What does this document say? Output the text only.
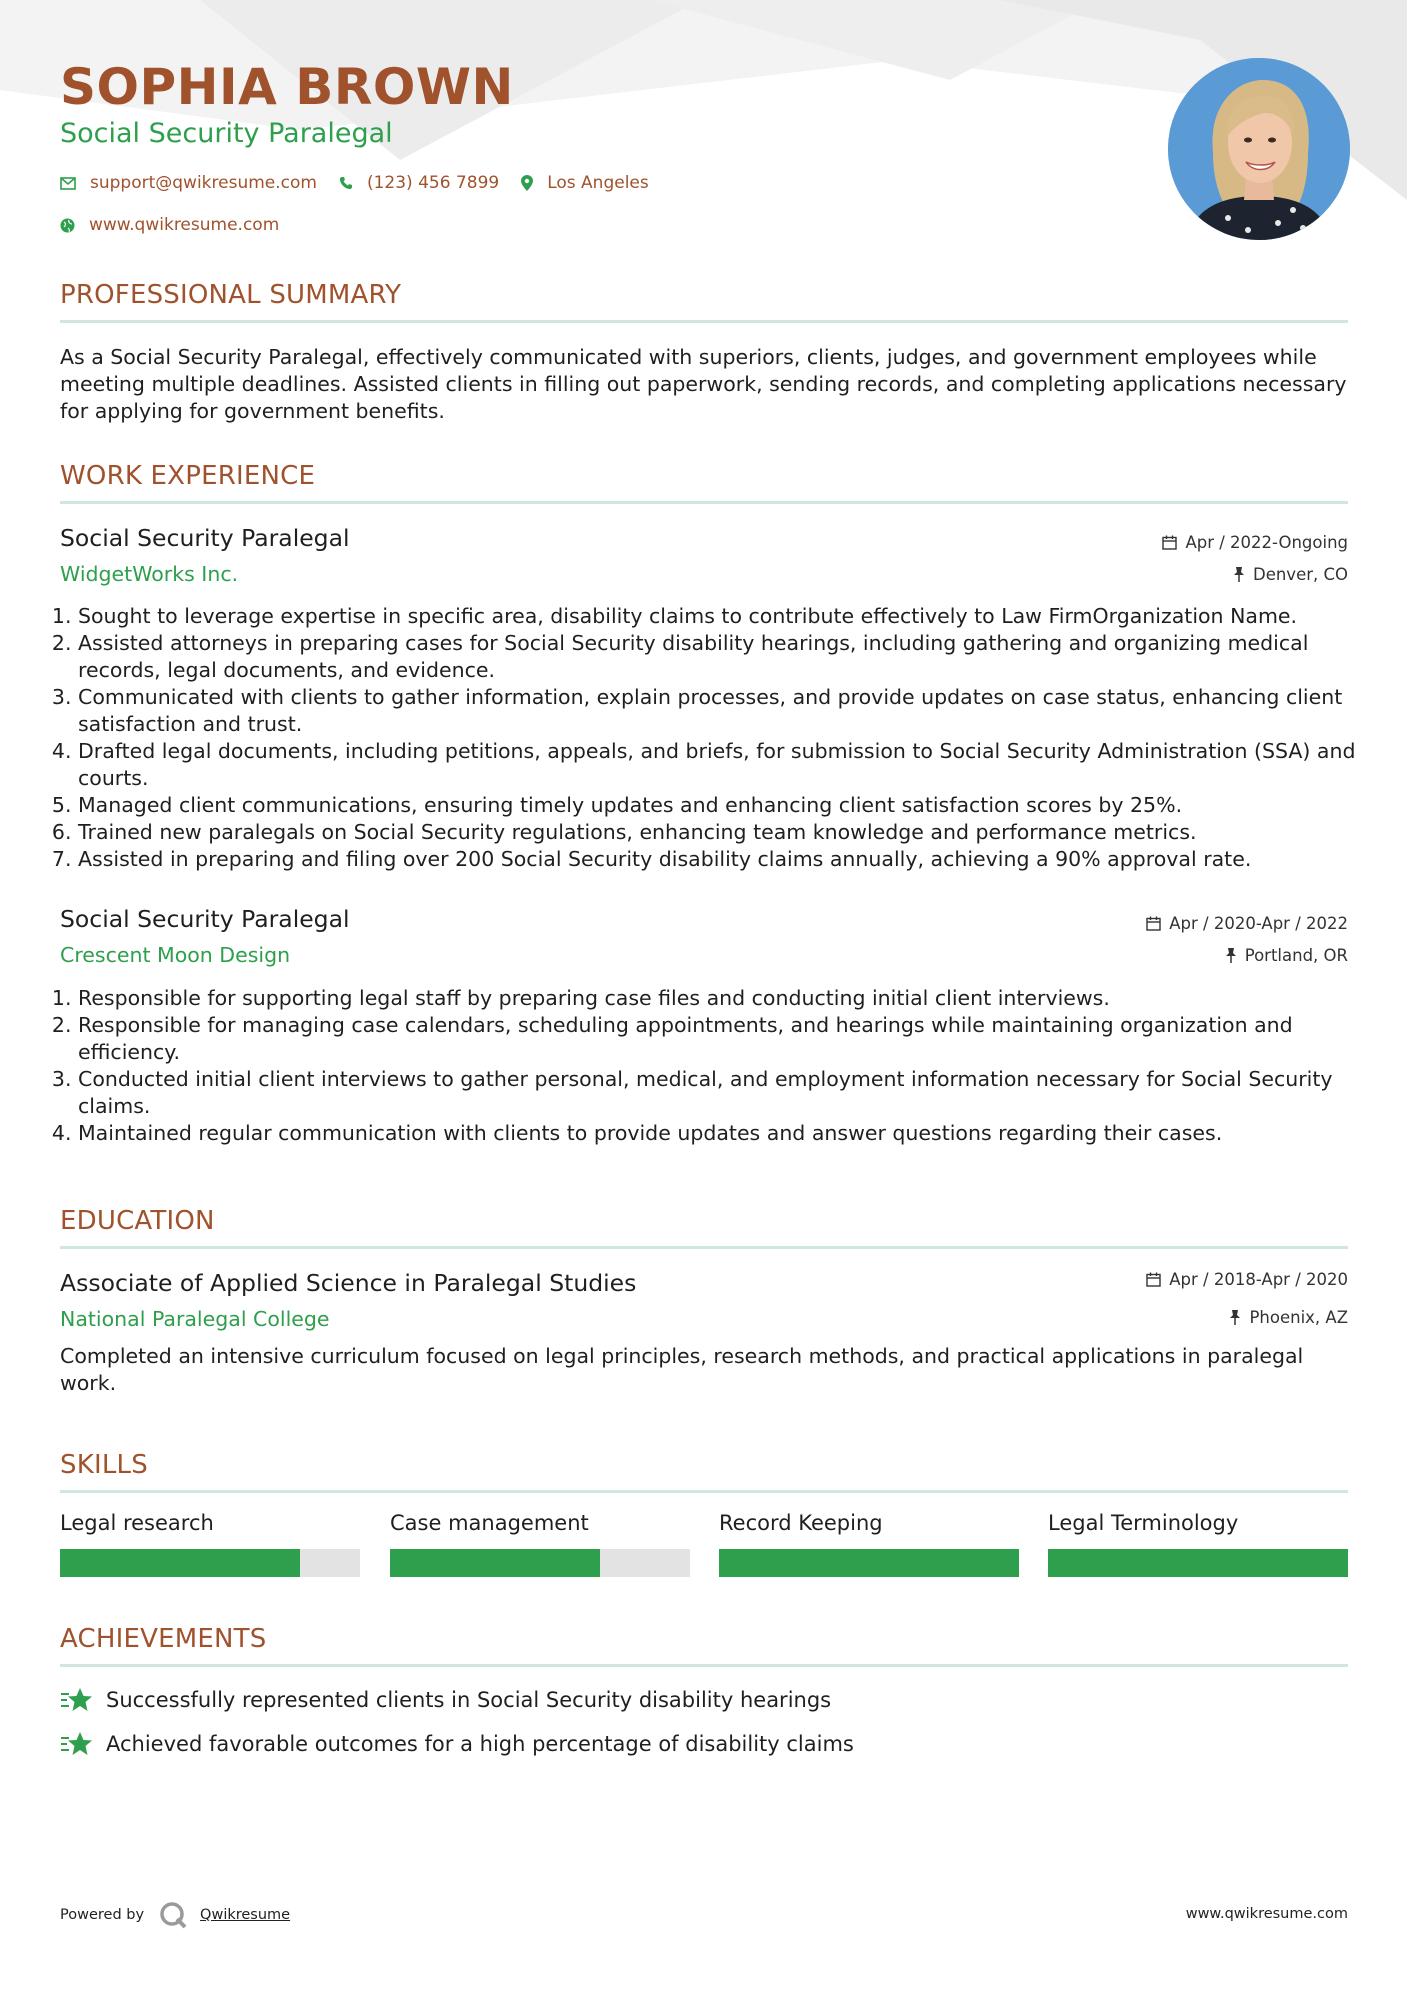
SOPHIA BROWN
Social Security Paralegal
support@qwikresume.com	(123) 456 7899	Los Angeles
www.qwikresume.com
PROFESSIONAL SUMMARY

As a Social Security Paralegal, effectively communicated with superiors, clients, judges, and government employees while meeting multiple deadlines. Assisted clients in filling out paperwork, sending records, and completing applications necessary for applying for government benefits.

WORK EXPERIENCE
Social Security Paralegal
WidgetWorks Inc.
Apr / 2022-Ongoing
Denver, CO
1. Sought to leverage expertise in specific area, disability claims to contribute effectively to Law FirmOrganization Name.
2. Assisted attorneys in preparing cases for Social Security disability hearings, including gathering and organizing medical records, legal documents, and evidence.
3. Communicated with clients to gather information, explain processes, and provide updates on case status, enhancing client satisfaction and trust.
4. Drafted legal documents, including petitions, appeals, and briefs, for submission to Social Security Administration (SSA) and courts.
5. Managed client communications, ensuring timely updates and enhancing client satisfaction scores by 25%.
6. Trained new paralegals on Social Security regulations, enhancing team knowledge and performance metrics.
7. Assisted in preparing and filing over 200 Social Security disability claims annually, achieving a 90% approval rate.
Social Security Paralegal
Crescent Moon Design
Apr / 2020-Apr / 2022
Portland, OR
1. Responsible for supporting legal staff by preparing case files and conducting initial client interviews.
2. Responsible for managing case calendars, scheduling appointments, and hearings while maintaining organization and efficiency.
3. Conducted initial client interviews to gather personal, medical, and employment information necessary for Social Security claims.
4. Maintained regular communication with clients to provide updates and answer questions regarding their cases.
EDUCATION
Associate of Applied Science in Paralegal Studies
National Paralegal College
Apr / 2018-Apr / 2020
Phoenix, AZ

Completed an intensive curriculum focused on legal principles, research methods, and practical applications in paralegal work.

SKILLS
Legal research	Case management	Record Keeping	Legal Terminology
ACHIEVEMENTS
Successfully represented clients in Social Security disability hearings
Achieved favorable outcomes for a high percentage of disability claims
Powered by	Qwikresume	www.qwikresume.com
